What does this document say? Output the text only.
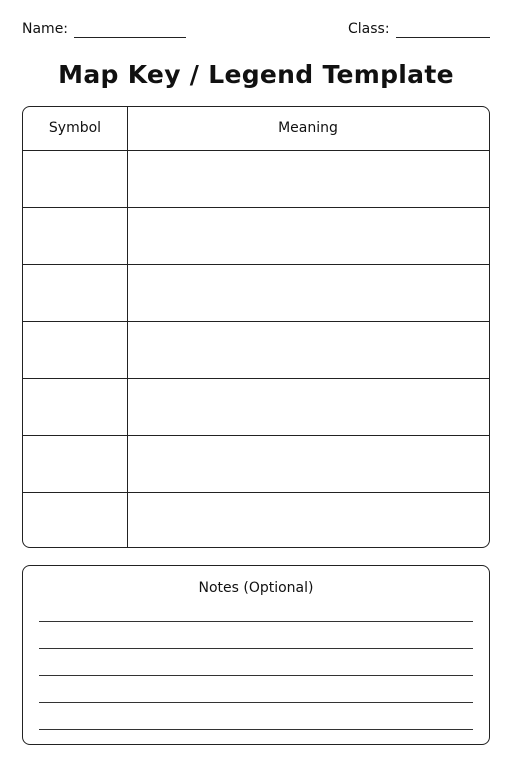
Name:	Class:
Map Key / Legend Template
Symbol	Meaning
Notes (Optional)
